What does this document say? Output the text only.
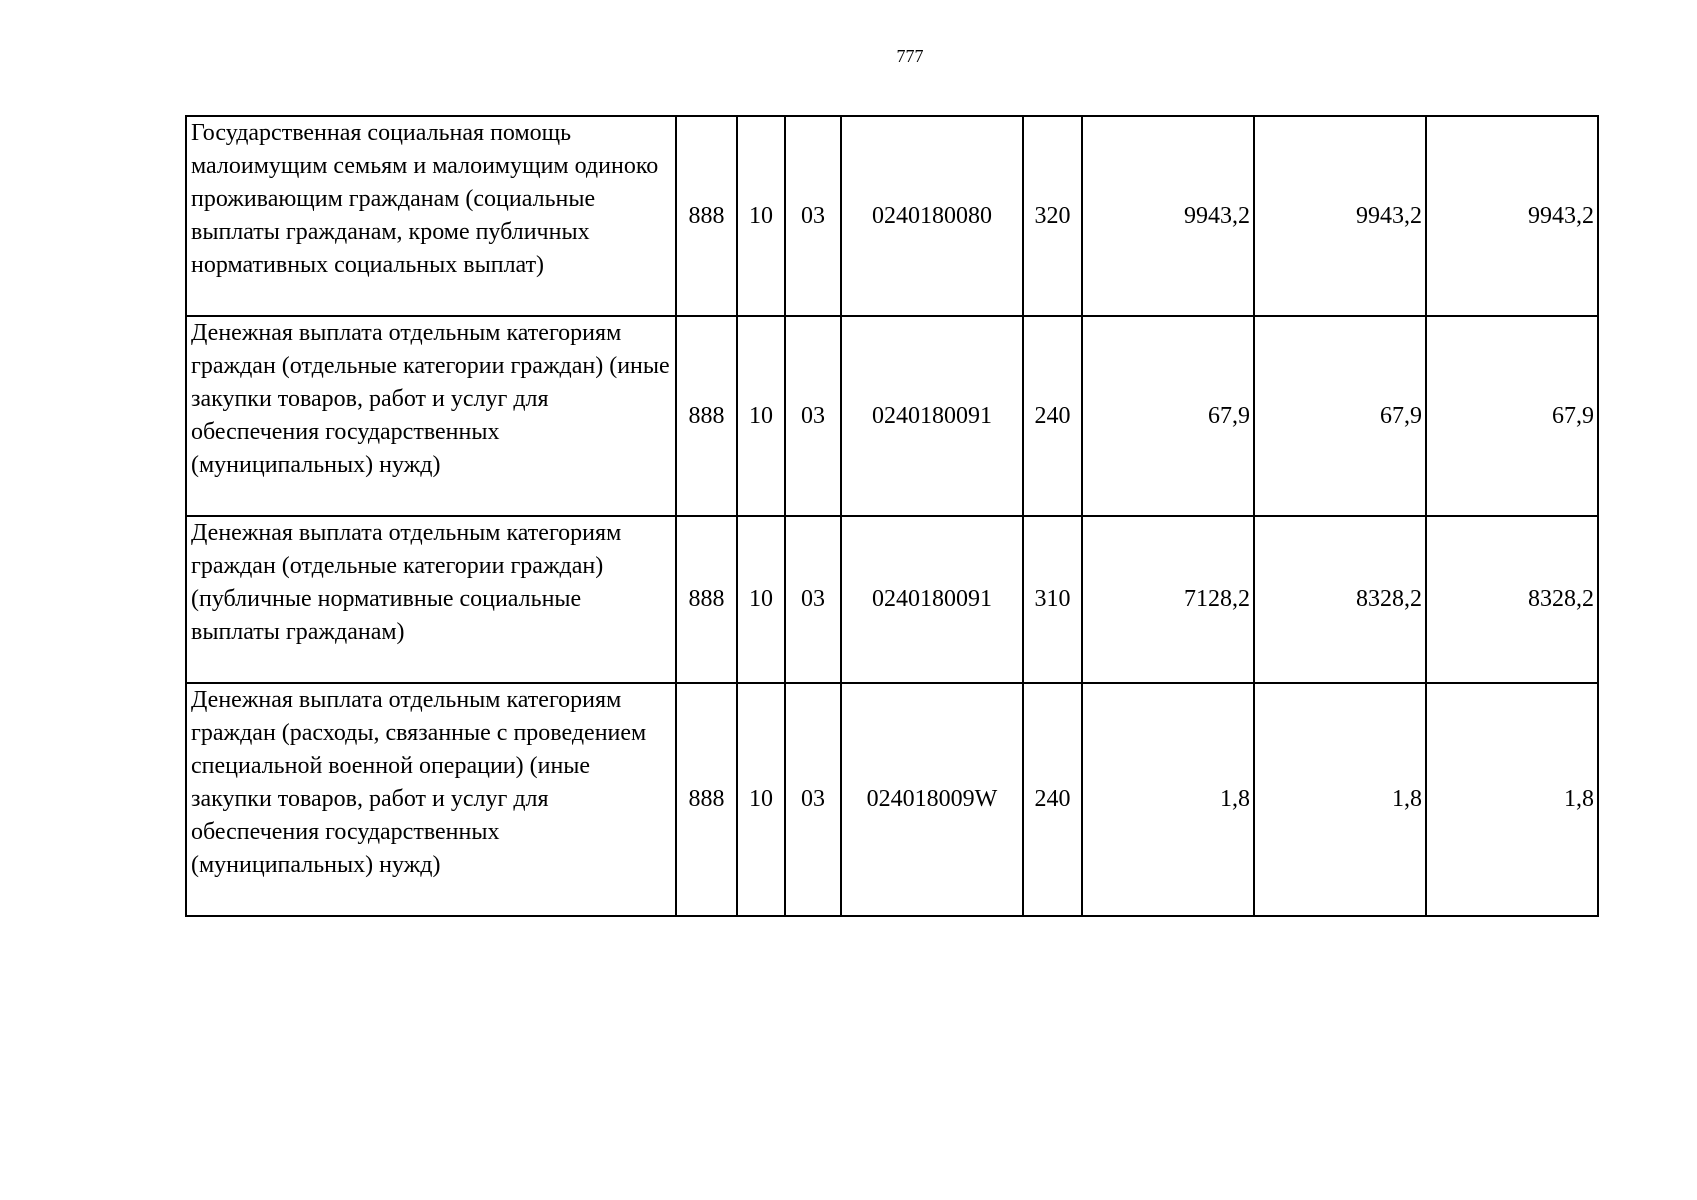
777
Государственная социальная помощь малоимущим семьям и малоимущим одиноко проживающим гражданам (социальные выплаты гражданам, кроме публичных нормативных социальных выплат)	888	10	03	0240180080	320	9943,2	9943,2	9943,2
Денежная выплата отдельным категориям граждан (отдельные категории граждан) (иные закупки товаров, работ и услуг для обеспечения государственных (муниципальных) нужд)	888	10	03	0240180091	240	67,9	67,9	67,9
Денежная выплата отдельным категориям граждан (отдельные категории граждан) (публичные нормативные социальные выплаты гражданам)	888	10	03	0240180091	310	7128,2	8328,2	8328,2
Денежная выплата отдельным категориям граждан (расходы, связанные с проведением специальной военной операции) (иные закупки товаров, работ и услуг для обеспечения государственных (муниципальных) нужд)	888	10	03	024018009W	240	1,8	1,8	1,8
